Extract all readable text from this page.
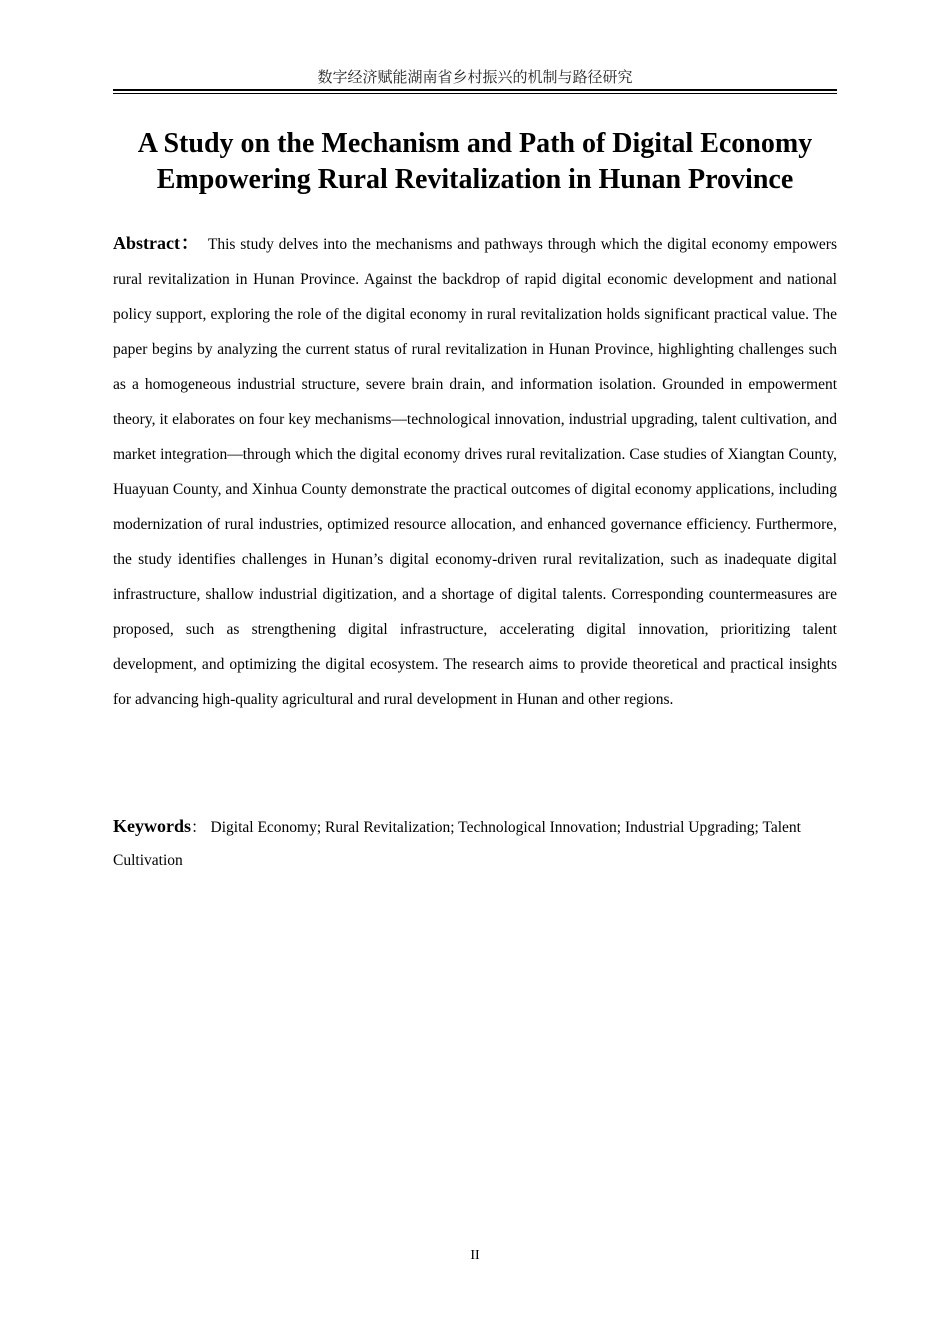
数字经济赋能湖南省乡村振兴的机制与路径研究
A Study on the Mechanism and Path of Digital Economy
Empowering Rural Revitalization in Hunan Province

Abstract： This study delves into the mechanisms and pathways through which the digital economy empowers rural revitalization in Hunan Province. Against the backdrop of rapid digital economic development and national policy support, exploring the role of the digital economy in rural revitalization holds significant practical value. The paper begins by analyzing the current status of rural revitalization in Hunan Province, highlighting challenges such as a homogeneous industrial structure, severe brain drain, and information isolation. Grounded in empowerment theory, it elaborates on four key mechanisms—technological innovation, industrial upgrading, talent cultivation, and market integration—through which the digital economy drives rural revitalization. Case studies of Xiangtan County, Huayuan County, and Xinhua County demonstrate the practical outcomes of digital economy applications, including modernization of rural industries, optimized resource allocation, and enhanced governance efficiency. Furthermore, the study identifies challenges in Hunan’s digital economy-driven rural revitalization, such as inadequate digital infrastructure, shallow industrial digitization, and a shortage of digital talents. Corresponding countermeasures are proposed, such as strengthening digital infrastructure, accelerating digital innovation, prioritizing talent development, and optimizing the digital ecosystem. The research aims to provide theoretical and practical insights for advancing high-quality agricultural and rural development in Hunan and other regions.

Keywords： Digital Economy; Rural Revitalization; Technological Innovation; Industrial Upgrading; Talent Cultivation

II
